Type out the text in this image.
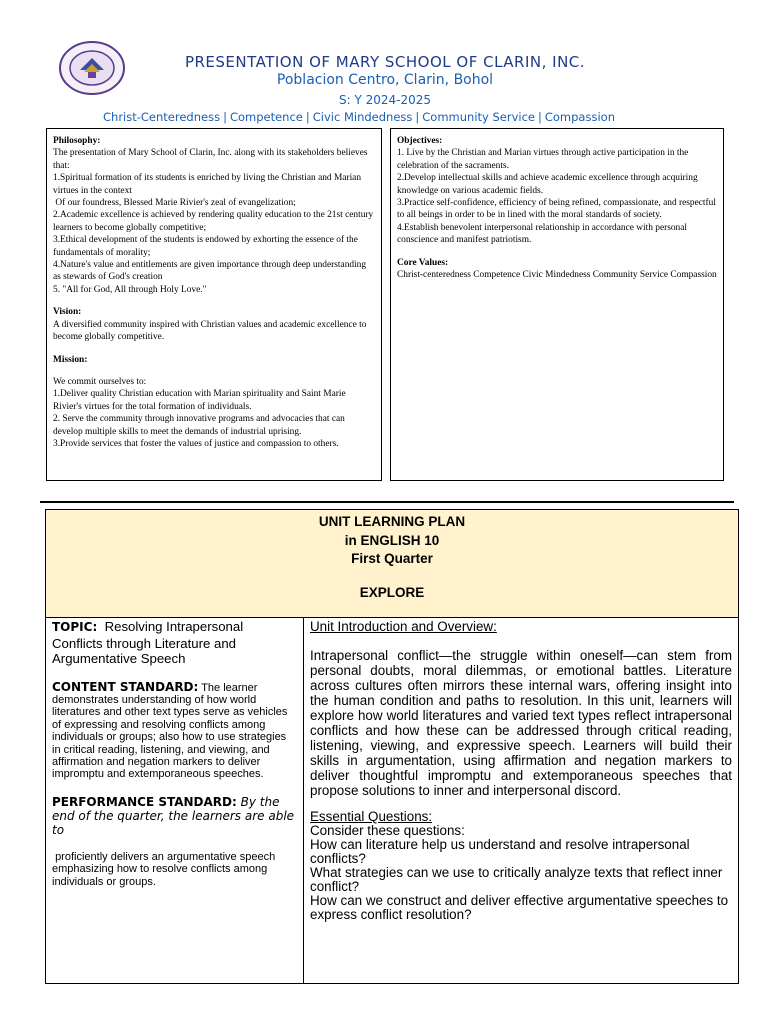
PRESENTATION OF MARY SCHOOL OF CLARIN, INC.
Poblacion Centro, Clarin, Bohol
S: Y 2024-2025
Christ-Centeredness | Competence | Civic Mindedness | Community Service | Compassion

Philosophy:

The presentation of Mary School of Clarin, Inc. along with its stakeholders believes that:

1.Spiritual formation of its students is enriched by living the Christian and Marian virtues in the context

Of our foundress, Blessed Marie Rivier's zeal of evangelization;

2.Academic excellence is achieved by rendering quality education to the 21st century learners to become globally competitive;

3.Ethical development of the students is endowed by exhorting the essence of the fundamentals of morality;

4.Nature's value and entitlements are given importance through deep understanding as stewards of God's creation

5. "All for God, All through Holy Love."

Vision:

A diversified community inspired with Christian values and academic excellence to become globally competitive.

Mission:

We commit ourselves to:

1.Deliver quality Christian education with Marian spirituality and Saint Marie Rivier's virtues for the total formation of individuals.

2. Serve the community through innovative programs and advocacies that can develop multiple skills to meet the demands of industrial uprising.

3.Provide services that foster the values of justice and compassion to others.

Objectives:

1. Live by the Christian and Marian virtues through active participation in the celebration of the sacraments.

2.Develop intellectual skills and achieve academic excellence through acquiring knowledge on various academic fields.

3.Practice self-confidence, efficiency of being refined, compassionate, and respectful to all beings in order to be in lined with the moral standards of society.

4.Establish benevolent interpersonal relationship in accordance with personal conscience and manifest patriotism.

Core Values:

Christ-centeredness Competence Civic Mindedness Community Service Compassion

UNIT LEARNING PLAN
in ENGLISH 10
First Quarter
EXPLORE

TOPIC: Resolving Intrapersonal Conflicts through Literature and Argumentative Speech

CONTENT STANDARD: The learner demonstrates understanding of how world literatures and other text types serve as vehicles of expressing and resolving conflicts among individuals or groups; also how to use strategies in critical reading, listening, and viewing, and affirmation and negation markers to deliver impromptu and extemporaneous speeches.

PERFORMANCE STANDARD: By the end of the quarter, the learners are able to

proficiently delivers an argumentative speech emphasizing how to resolve conflicts among individuals or groups.

Unit Introduction and Overview:

Intrapersonal conflict—the struggle within oneself—can stem from personal doubts, moral dilemmas, or emotional battles. Literature across cultures often mirrors these internal wars, offering insight into the human condition and paths to resolution. In this unit, learners will explore how world literatures and varied text types reflect intrapersonal conflicts and how these can be addressed through critical reading, listening, viewing, and expressive speech. Learners will build their skills in argumentation, using affirmation and negation markers to deliver thoughtful impromptu and extemporaneous speeches that propose solutions to inner and interpersonal discord.

Essential Questions:

Consider these questions:

How can literature help us understand and resolve intrapersonal conflicts?

What strategies can we use to critically analyze texts that reflect inner conflict?

How can we construct and deliver effective argumentative speeches to express conflict resolution?
